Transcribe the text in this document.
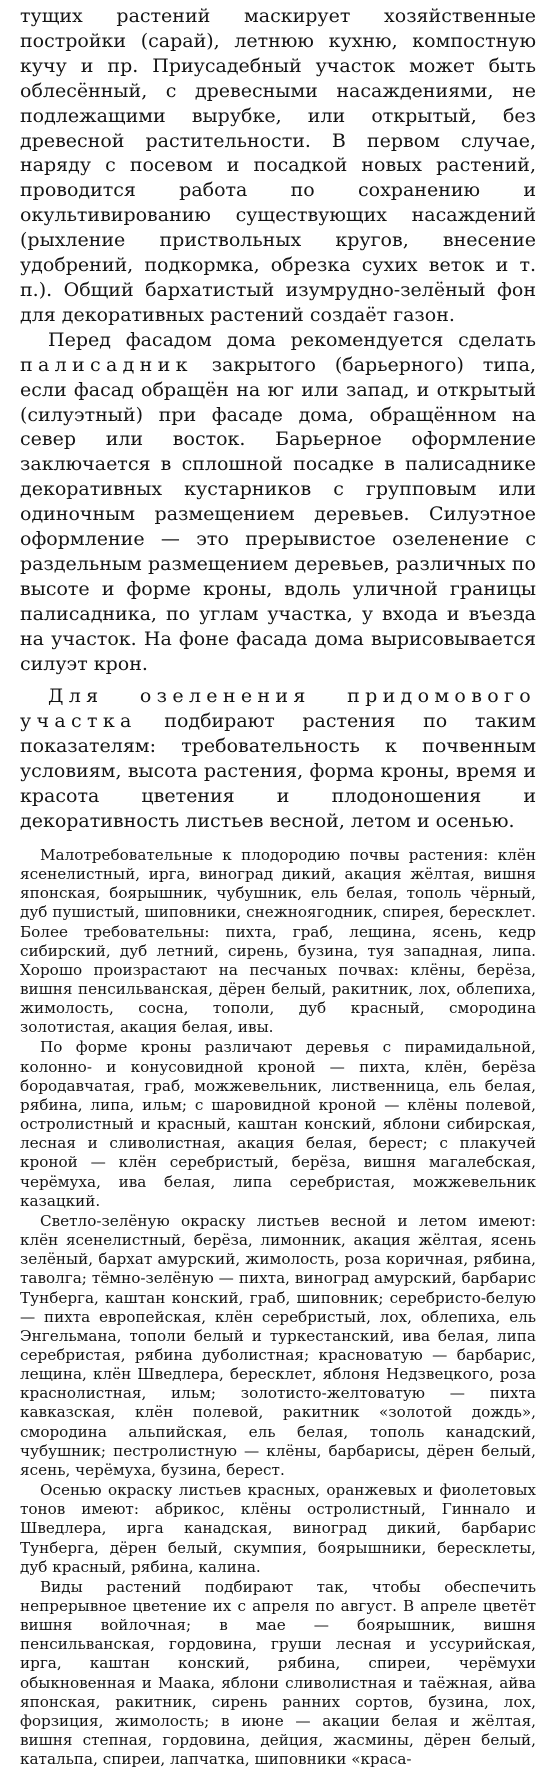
тущих растений маскирует хозяйственные постройки (сарай), летнюю кухню, компостную кучу и пр. Приусадебный участок может быть облесённый, с древесными насаждениями, не подлежащими вырубке, или открытый, без древесной растительности. В первом случае, наряду с посевом и посадкой новых растений, проводится работа по сохранению и окультивированию существующих насаждений (рыхление приствольных кругов, внесение удобрений, подкормка, обрезка сухих веток и т. п.). Общий бархатистый изумрудно-зелёный фон для декоративных растений создаёт газон.

Перед фасадом дома рекомендуется сделать палисадник закрытого (барьерного) типа, если фасад обращён на юг или запад, и открытый (силуэтный) при фасаде дома, обращённом на север или восток. Барьерное оформление заключается в сплошной посадке в палисаднике декоративных кустарников с групповым или одиночным размещением деревьев. Силуэтное оформление — это прерывистое озеленение с раздельным размещением деревьев, различных по высоте и форме кроны, вдоль уличной границы палисадника, по углам участка, у входа и въезда на участок. На фоне фасада дома вырисовывается силуэт крон.

Для озеленения придомового участка подбирают растения по таким показателям: требовательность к почвенным условиям, высота растения, форма кроны, время и красота цветения и плодоношения и декоративность листьев весной, летом и осенью.

Малотребовательные к плодородию почвы растения: клён ясенелистный, ирга, виноград дикий, акация жёлтая, вишня японская, боярышник, чубушник, ель белая, тополь чёрный, дуб пушистый, шиповники, снежноягодник, спирея, бересклет. Более требовательны: пихта, граб, лещина, ясень, кедр сибирский, дуб летний, сирень, бузина, туя западная, липа. Хорошо произрастают на песчаных почвах: клёны, берёза, вишня пенсильванская, дёрен белый, ракитник, лох, облепиха, жимолость, сосна, тополи, дуб красный, смородина золотистая, акация белая, ивы.

По форме кроны различают деревья с пирамидальной, колонно- и конусовидной кроной — пихта, клён, берёза бородавчатая, граб, можжевельник, лиственница, ель белая, рябина, липа, ильм; с шаровидной кроной — клёны полевой, остролистный и красный, каштан конский, яблони сибирская, лесная и сливолистная, акация белая, берест; с плакучей кроной — клён серебристый, берёза, вишня магалебская, черёмуха, ива белая, липа серебристая, можжевельник казацкий.

Светло-зелёную окраску листьев весной и летом имеют: клён ясенелистный, берёза, лимонник, акация жёлтая, ясень зелёный, бархат амурский, жимолость, роза коричная, рябина, таволга; тёмно-зелёную — пихта, виноград амурский, барбарис Тунберга, каштан конский, граб, шиповник; серебристо-белую — пихта европейская, клён серебристый, лох, облепиха, ель Энгельмана, тополи белый и туркестанский, ива белая, липа серебристая, рябина дуболистная; красноватую — барбарис, лещина, клён Шведлера, бересклет, яблоня Недзвецкого, роза краснолистная, ильм; золотисто-желтоватую — пихта кавказская, клён полевой, ракитник «золотой дождь», смородина альпийская, ель белая, тополь канадский, чубушник; пестролистную — клёны, барбарисы, дёрен белый, ясень, черёмуха, бузина, берест.

Осенью окраску листьев красных, оранжевых и фиолетовых тонов имеют: абрикос, клёны остролистный, Гиннало и Шведлера, ирга канадская, виноград дикий, барбарис Тунберга, дёрен белый, скумпия, боярышники, бересклеты, дуб красный, рябина, калина.

Виды растений подбирают так, чтобы обеспечить непрерывное цветение их с апреля по август. В апреле цветёт вишня войлочная; в мае — боярышник, вишня пенсильванская, гордовина, груши лесная и уссурийская, ирга, каштан конский, рябина, спиреи, черёмухи обыкновенная и Маака, яблони сливолистная и таёжная, айва японская, ракитник, сирень ранних сортов, бузина, лох, форзиция, жимолость; в июне — акации белая и жёлтая, вишня степная, гордовина, дейция, жасмины, дёрен белый, катальпа, спиреи, лапчатка, шиповники «краса-
